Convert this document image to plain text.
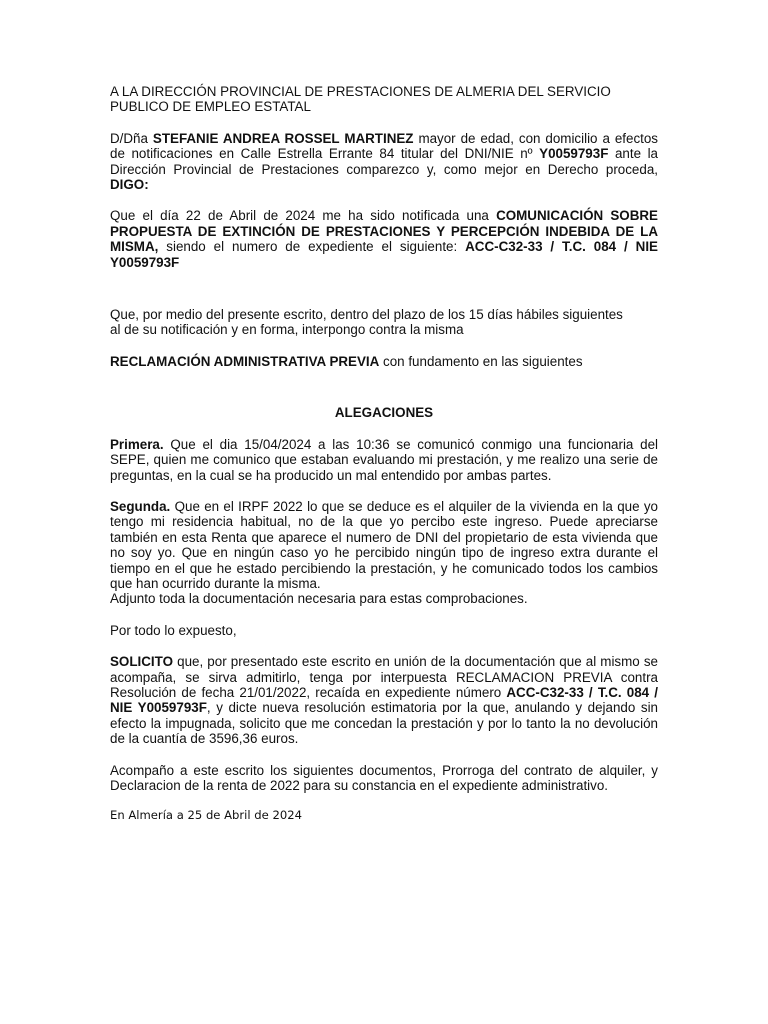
A LA DIRECCIÓN PROVINCIAL DE PRESTACIONES DE ALMERIA DEL SERVICIO
PUBLICO DE EMPLEO ESTATAL

D/Dña STEFANIE ANDREA ROSSEL MARTINEZ mayor de edad, con domicilio a efectos de notificaciones en Calle Estrella Errante 84 titular del DNI/NIE nº Y0059793F ante la Dirección Provincial de Prestaciones comparezco y, como mejor en Derecho proceda, DIGO:

Que el día 22 de Abril de 2024 me ha sido notificada una COMUNICACIÓN SOBRE PROPUESTA DE EXTINCIÓN DE PRESTACIONES Y PERCEPCIÓN INDEBIDA DE LA MISMA, siendo el numero de expediente el siguiente: ACC-C32-33 / T.C. 084 / NIE Y0059793F

Que, por medio del presente escrito, dentro del plazo de los 15 días hábiles siguientes
al de su notificación y en forma, interpongo contra la misma

RECLAMACIÓN ADMINISTRATIVA PREVIA con fundamento en las siguientes

ALEGACIONES

Primera. Que el dia 15/04/2024 a las 10:36 se comunicó conmigo una funcionaria del SEPE, quien me comunico que estaban evaluando mi prestación, y me realizo una serie de preguntas, en la cual se ha producido un mal entendido por ambas partes.

Segunda. Que en el IRPF 2022 lo que se deduce es el alquiler de la vivienda en la que yo tengo mi residencia habitual, no de la que yo percibo este ingreso. Puede apreciarse también en esta Renta que aparece el numero de DNI del propietario de esta vivienda que no soy yo. Que en ningún caso yo he percibido ningún tipo de ingreso extra durante el tiempo en el que he estado percibiendo la prestación, y he comunicado todos los cambios que han ocurrido durante la misma.
Adjunto toda la documentación necesaria para estas comprobaciones.

Por todo lo expuesto,

SOLICITO que, por presentado este escrito en unión de la documentación que al mismo se acompaña, se sirva admitirlo, tenga por interpuesta RECLAMACION PREVIA contra Resolución de fecha 21/01/2022, recaída en expediente número ACC-C32-33 / T.C. 084 / NIE Y0059793F, y dicte nueva resolución estimatoria por la que, anulando y dejando sin efecto la impugnada, solicito que me concedan la prestación y por lo tanto la no devolución de la cuantía de 3596,36 euros.

Acompaño a este escrito los siguientes documentos, Prorroga del contrato de alquiler, y Declaracion de la renta de 2022 para su constancia en el expediente administrativo.

En Almería a 25 de Abril de 2024
